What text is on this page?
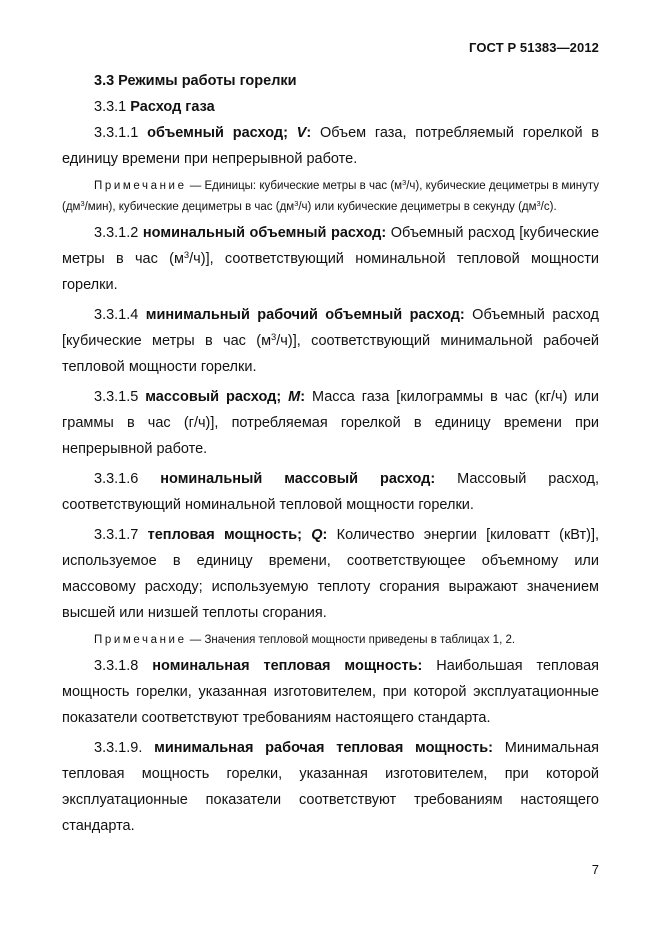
ГОСТ Р 51383—2012

3.3 Режимы работы горелки

3.3.1 Расход газа

3.3.1.1 объемный расход; V: Объем газа, потребляемый горелкой в единицу времени при непрерывной работе.

Примечание — Единицы: кубические метры в час $(м^3/ч)$, кубические дециметры в минуту $(дм^3/мин)$, кубические дециметры в час $(дм^3/ч)$ или кубические дециметры в секунду $(дм^3/с)$.

3.3.1.2 номинальный объемный расход: Объемный расход [кубические метры в час $(м^3/ч)$], соответствующий номинальной тепловой мощности горелки.

3.3.1.4 минимальный рабочий объемный расход: Объемный расход [кубические метры в час $(м^3/ч)$], соответствующий минимальной рабочей тепловой мощности горелки.

3.3.1.5 массовый расход; M: Масса газа [килограммы в час (кг/ч) или граммы в час (г/ч)], потребляемая горелкой в единицу времени при непрерывной работе.

3.3.1.6 номинальный массовый расход: Массовый расход, соответствующий номинальной тепловой мощности горелки.

3.3.1.7 тепловая мощность; Q: Количество энергии [киловатт (кВт)], используемое в единицу времени, соответствующее объемному или массовому расходу; используемую теплоту сгорания выражают значением высшей или низшей теплоты сгорания.

Примечание — Значения тепловой мощности приведены в таблицах 1, 2.

3.3.1.8 номинальная тепловая мощность: Наибольшая тепловая мощность горелки, указанная изготовителем, при которой эксплуатационные показатели соответствуют требованиям настоящего стандарта.

3.3.1.9. минимальная рабочая тепловая мощность: Минимальная тепловая мощность горелки, указанная изготовителем, при которой эксплуатационные показатели соответствуют требованиям настоящего стандарта.

7
